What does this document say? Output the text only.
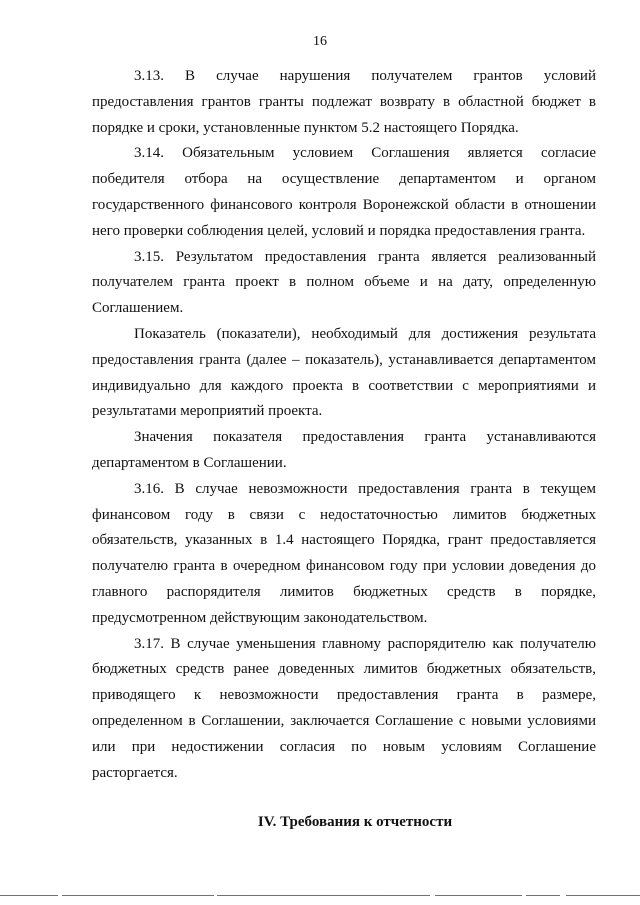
16

3.13. В случае нарушения получателем грантов условий предоставления грантов гранты подлежат возврату в областной бюджет в порядке и сроки, установленные пунктом 5.2 настоящего Порядка.

3.14. Обязательным условием Соглашения является согласие победителя отбора на осуществление департаментом и органом государственного финансового контроля Воронежской области в отношении него проверки соблюдения целей, условий и порядка предоставления гранта.

3.15. Результатом предоставления гранта является реализованный получателем гранта проект в полном объеме и на дату, определенную Соглашением.

Показатель (показатели), необходимый для достижения результата предоставления гранта (далее – показатель), устанавливается департаментом индивидуально для каждого проекта в соответствии с мероприятиями и результатами мероприятий проекта.

Значения показателя предоставления гранта устанавливаются департаментом в Соглашении.

3.16. В случае невозможности предоставления гранта в текущем финансовом году в связи с недостаточностью лимитов бюджетных обязательств, указанных в 1.4 настоящего Порядка, грант предоставляется получателю гранта в очередном финансовом году при условии доведения до главного распорядителя лимитов бюджетных средств в порядке, предусмотренном действующим законодательством.

3.17. В случае уменьшения главному распорядителю как получателю бюджетных средств ранее доведенных лимитов бюджетных обязательств, приводящего к невозможности предоставления гранта в размере, определенном в Соглашении, заключается Соглашение с новыми условиями или при недостижении согласия по новым условиям Соглашение расторгается.

IV. Требования к отчетности
